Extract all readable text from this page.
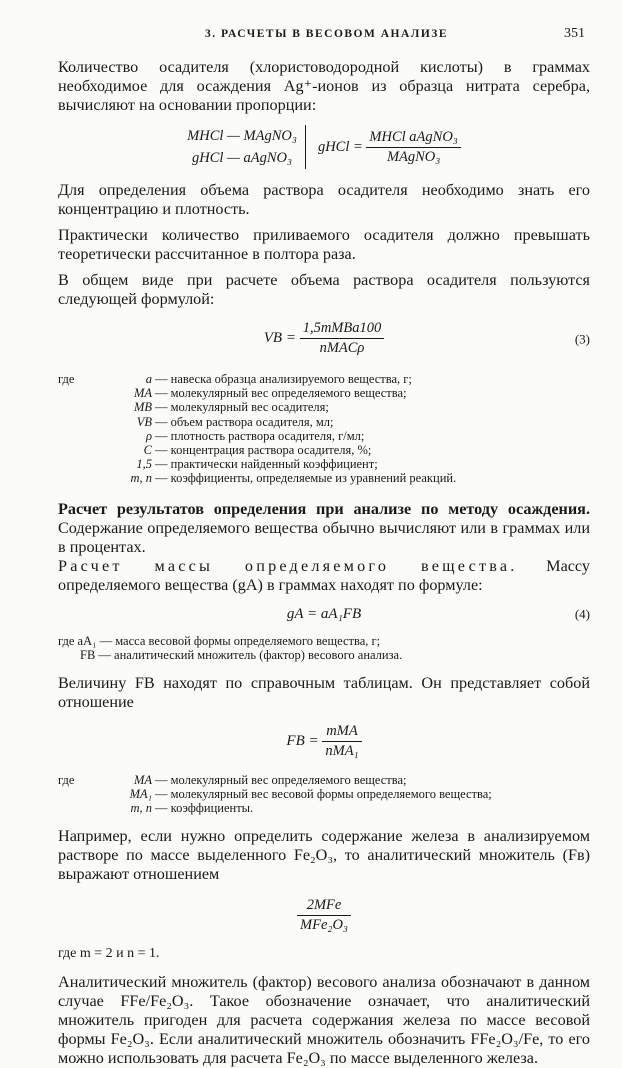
3. РАСЧЕТЫ В ВЕСОВОМ АНАЛИЗЕ	351

Количество осадителя (хлористоводородной кислоты) в граммах необходимое для осаждения Ag⁺-ионов из образца нитрата серебра, вычисляют на основании пропорции:

MHCl — MAgNO₃
gHCl — aAgNO₃
gHCl = $\frac{\text{MHCl aAgNO₃}}{\text{MAgNO₃}}$

Для определения объема раствора осадителя необходимо знать его концентрацию и плотность.

Практически количество приливаемого осадителя должно превышать теоретически рассчитанное в полтора раза.

В общем виде при расчете объема раствора осадителя пользуются следующей формулой:

VB = $\frac{\text{1,5mMBa100}}{\text{nMACρ}}$	(3)
где	a — навеска образца анализируемого вещества, г;
MA — молекулярный вес определяемого вещества;
MB — молекулярный вес осадителя;
VB — объем раствора осадителя, мл;
ρ — плотность раствора осадителя, г/мл;
C — концентрация раствора осадителя, %;
1,5 — практически найденный коэффициент;
m, n — коэффициенты, определяемые из уравнений реакций.

Расчет результатов определения при анализе по методу осаждения. Содержание определяемого вещества обычно вычисляют или в граммах или в процентах.

Расчет массы определяемого вещества. Массу определяемого вещества (gA) в граммах находят по формуле:

gA = aA₁FB	(4)
где aA₁ — масса весовой формы определяемого вещества, г;
FB — аналитический множитель (фактор) весового анализа.

Величину FB находят по справочным таблицам. Он представляет собой отношение

FB = $\frac{\text{mMA}}{\text{nMA₁}}$
где	MA — молекулярный вес определяемого вещества;
MA₁ — молекулярный вес весовой формы определяемого вещества;
m, n — коэффициенты.

Например, если нужно определить содержание железа в анализируемом растворе по массе выделенного Fe₂O₃, то аналитический множитель (Fв) выражают отношением

$\frac{\text{2MFe}}{\text{MFe₂O₃}}$

где m = 2 и n = 1.

Аналитический множитель (фактор) весового анализа обозначают в данном случае FFe/Fe₂O₃. Такое обозначение означает, что аналитический множитель пригоден для расчета содержания железа по массе весовой формы Fe₂O₃. Если аналитический множитель обозначить FFe₂O₃/Fe, то его можно использовать для расчета Fe₂O₃ по массе выделенного железа.
